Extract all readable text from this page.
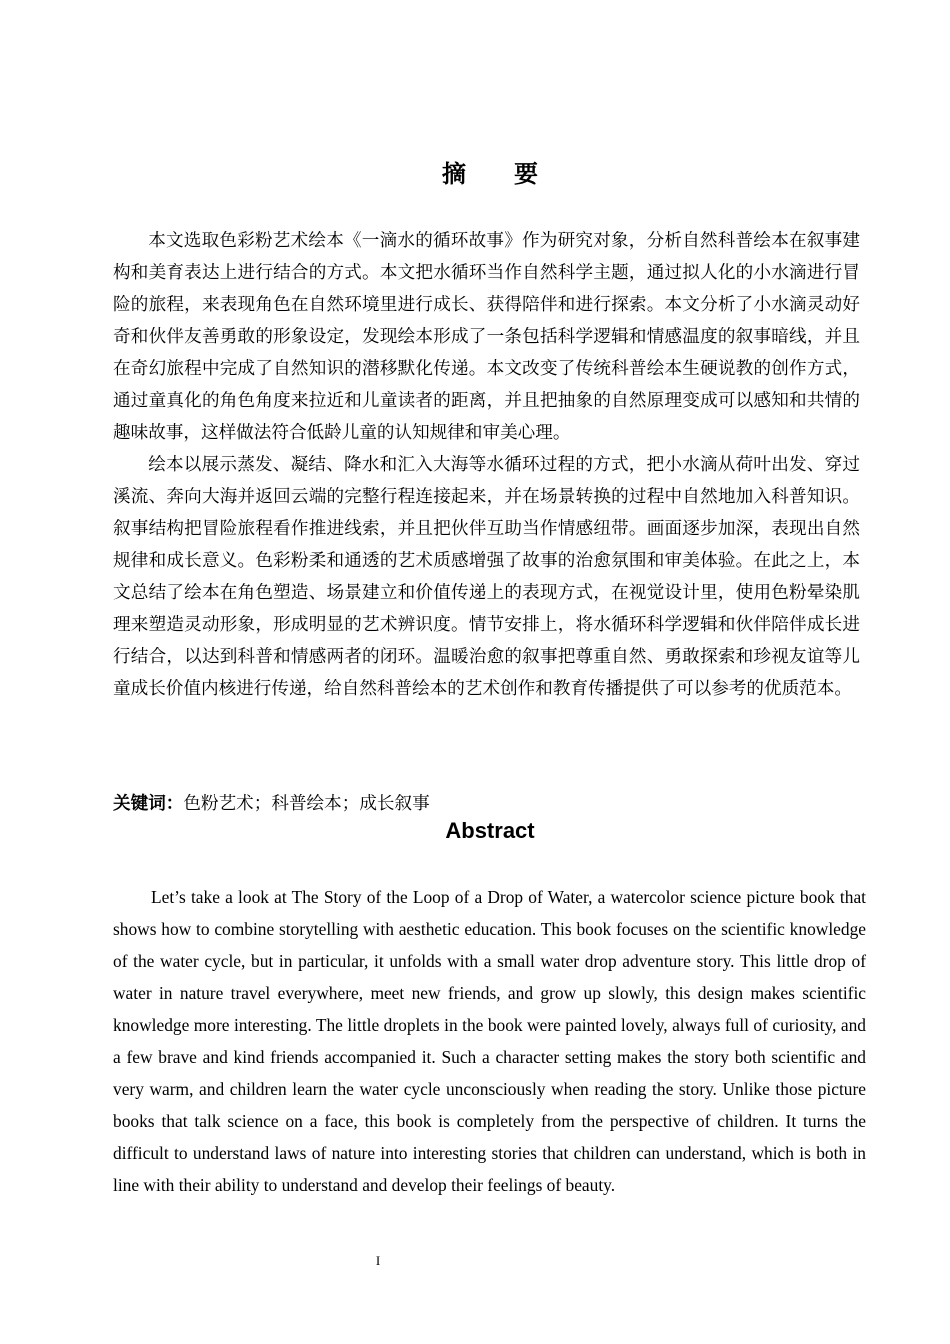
摘 要

本文选取色彩粉艺术绘本《一滴水的循环故事》作为研究对象，分析自然科普绘本在叙事建构和美育表达上进行结合的方式。本文把水循环当作自然科学主题，通过拟人化的小水滴进行冒险的旅程，来表现角色在自然环境里进行成长、获得陪伴和进行探索。本文分析了小水滴灵动好奇和伙伴友善勇敢的形象设定，发现绘本形成了一条包括科学逻辑和情感温度的叙事暗线，并且在奇幻旅程中完成了自然知识的潜移默化传递。本文改变了传统科普绘本生硬说教的创作方式，通过童真化的角色角度来拉近和儿童读者的距离，并且把抽象的自然原理变成可以感知和共情的趣味故事，这样做法符合低龄儿童的认知规律和审美心理。

绘本以展示蒸发、凝结、降水和汇入大海等水循环过程的方式，把小水滴从荷叶出发、穿过溪流、奔向大海并返回云端的完整行程连接起来，并在场景转换的过程中自然地加入科普知识。叙事结构把冒险旅程看作推进线索，并且把伙伴互助当作情感纽带。画面逐步加深，表现出自然规律和成长意义。色彩粉柔和通透的艺术质感增强了故事的治愈氛围和审美体验。在此之上，本文总结了绘本在角色塑造、场景建立和价值传递上的表现方式，在视觉设计里，使用色粉晕染肌理来塑造灵动形象，形成明显的艺术辨识度。情节安排上，将水循环科学逻辑和伙伴陪伴成长进行结合，以达到科普和情感两者的闭环。温暖治愈的叙事把尊重自然、勇敢探索和珍视友谊等儿童成长价值内核进行传递，给自然科普绘本的艺术创作和教育传播提供了可以参考的优质范本。

关键词：色粉艺术；科普绘本；成长叙事
Abstract

Let’s take a look at The Story of the Loop of a Drop of Water, a watercolor science picture book that shows how to combine storytelling with aesthetic education. This book focuses on the scientific knowledge of the water cycle, but in particular, it unfolds with a small water drop adventure story. This little drop of water in nature travel everywhere, meet new friends, and grow up slowly, this design makes scientific knowledge more interesting. The little droplets in the book were painted lovely, always full of curiosity, and a few brave and kind friends accompanied it. Such a character setting makes the story both scientific and very warm, and children learn the water cycle unconsciously when reading the story. Unlike those picture books that talk science on a face, this book is completely from the perspective of children. It turns the difficult to understand laws of nature into interesting stories that children can understand, which is both in line with their ability to understand and develop their feelings of beauty.

I
